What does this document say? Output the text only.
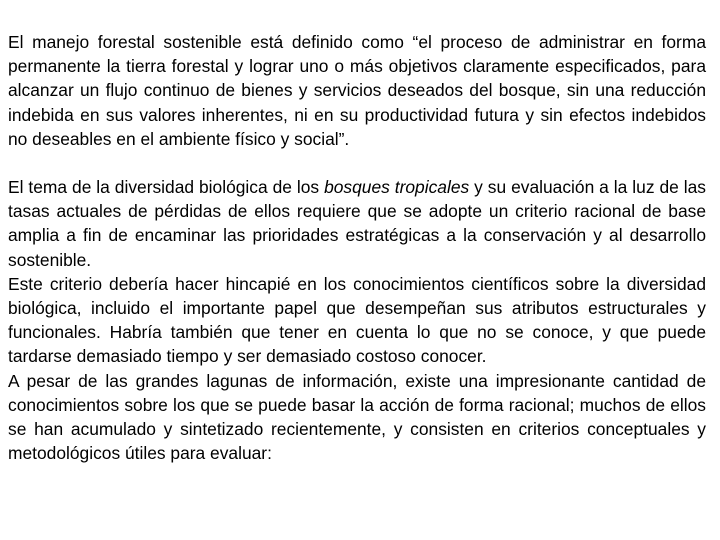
El manejo forestal sostenible está definido como “el proceso de administrar en forma permanente la tierra forestal y lograr uno o más objetivos claramente especificados, para alcanzar un flujo continuo de bienes y servicios deseados del bosque, sin una reducción indebida en sus valores inherentes, ni en su productividad futura y sin efectos indebidos no deseables en el ambiente físico y social”.

El tema de la diversidad biológica de los bosques tropicales y su evaluación a la luz de las tasas actuales de pérdidas de ellos requiere que se adopte un criterio racional de base amplia a fin de encaminar las prioridades estratégicas a la conservación y al desarrollo sostenible.

Este criterio debería hacer hincapié en los conocimientos científicos sobre la diversidad biológica, incluido el importante papel que desempeñan sus atributos estructurales y funcionales. Habría también que tener en cuenta lo que no se conoce, y que puede tardarse demasiado tiempo y ser demasiado costoso conocer.

A pesar de las grandes lagunas de información, existe una impresionante cantidad de conocimientos sobre los que se puede basar la acción de forma racional; muchos de ellos se han acumulado y sintetizado recientemente, y consisten en criterios conceptuales y metodológicos útiles para evaluar:
